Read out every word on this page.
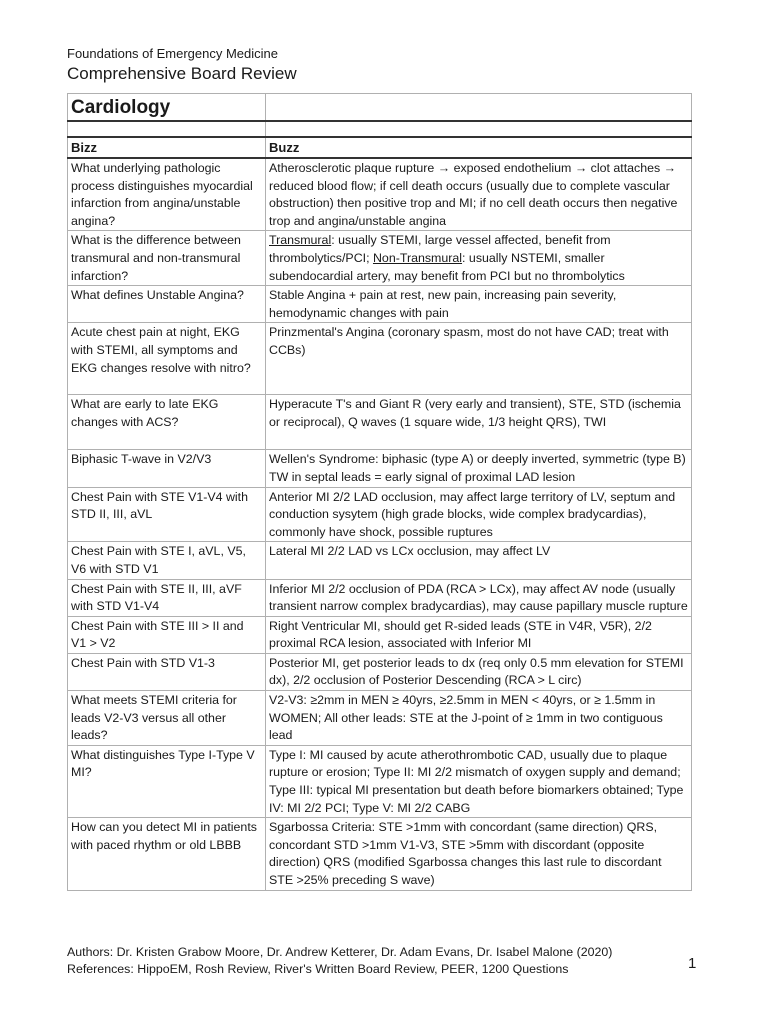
Foundations of Emergency Medicine
Comprehensive Board Review
Cardiology	

Bizz	Buzz
What underlying pathologic process distinguishes myocardial infarction from angina/unstable angina?	Atherosclerotic plaque rupture → exposed endothelium → clot attaches → reduced blood flow; if cell death occurs (usually due to complete vascular obstruction) then positive trop and MI; if no cell death occurs then negative trop and angina/unstable angina
What is the difference between transmural and non-transmural infarction?	Transmural: usually STEMI, large vessel affected, benefit from thrombolytics/PCI; Non-Transmural: usually NSTEMI, smaller subendocardial artery, may benefit from PCI but no thrombolytics
What defines Unstable Angina?	Stable Angina + pain at rest, new pain, increasing pain severity, hemodynamic changes with pain
Acute chest pain at night, EKG with STEMI, all symptoms and EKG changes resolve with nitro?	Prinzmental's Angina (coronary spasm, most do not have CAD; treat with CCBs)
What are early to late EKG changes with ACS?	Hyperacute T's and Giant R (very early and transient), STE, STD (ischemia or reciprocal), Q waves (1 square wide, 1/3 height QRS), TWI
Biphasic T-wave in V2/V3	Wellen's Syndrome: biphasic (type A) or deeply inverted, symmetric (type B) TW in septal leads = early signal of proximal LAD lesion
Chest Pain with STE V1-V4 with STD II, III, aVL	Anterior MI 2/2 LAD occlusion, may affect large territory of LV, septum and conduction sysytem (high grade blocks, wide complex bradycardias), commonly have shock, possible ruptures
Chest Pain with STE I, aVL, V5, V6 with STD V1	Lateral MI 2/2 LAD vs LCx occlusion, may affect LV
Chest Pain with STE II, III, aVF with STD V1-V4	Inferior MI 2/2 occlusion of PDA (RCA > LCx), may affect AV node (usually transient narrow complex bradycardias), may cause papillary muscle rupture
Chest Pain with STE III > II and V1 > V2	Right Ventricular MI, should get R-sided leads (STE in V4R, V5R), 2/2 proximal RCA lesion, associated with Inferior MI
Chest Pain with STD V1-3	Posterior MI, get posterior leads to dx (req only 0.5 mm elevation for STEMI dx), 2/2 occlusion of Posterior Descending (RCA > L circ)
What meets STEMI criteria for leads V2-V3 versus all other leads?	V2-V3: ≥2mm in MEN ≥ 40yrs, ≥2.5mm in MEN < 40yrs, or ≥ 1.5mm in WOMEN; All other leads: STE at the J-point of ≥ 1mm in two contiguous lead
What distinguishes Type I-Type V MI?	Type I: MI caused by acute atherothrombotic CAD, usually due to plaque rupture or erosion; Type II: MI 2/2 mismatch of oxygen supply and demand; Type III: typical MI presentation but death before biomarkers obtained; Type IV: MI 2/2 PCI; Type V: MI 2/2 CABG
How can you detect MI in patients with paced rhythm or old LBBB	Sgarbossa Criteria: STE >1mm with concordant (same direction) QRS, concordant STD >1mm V1-V3, STE >5mm with discordant (opposite direction) QRS (modified Sgarbossa changes this last rule to discordant STE >25% preceding S wave)
Authors: Dr. Kristen Grabow Moore, Dr. Andrew Ketterer, Dr. Adam Evans, Dr. Isabel Malone (2020)
References: HippoEM, Rosh Review, River's Written Board Review, PEER, 1200 Questions	1
